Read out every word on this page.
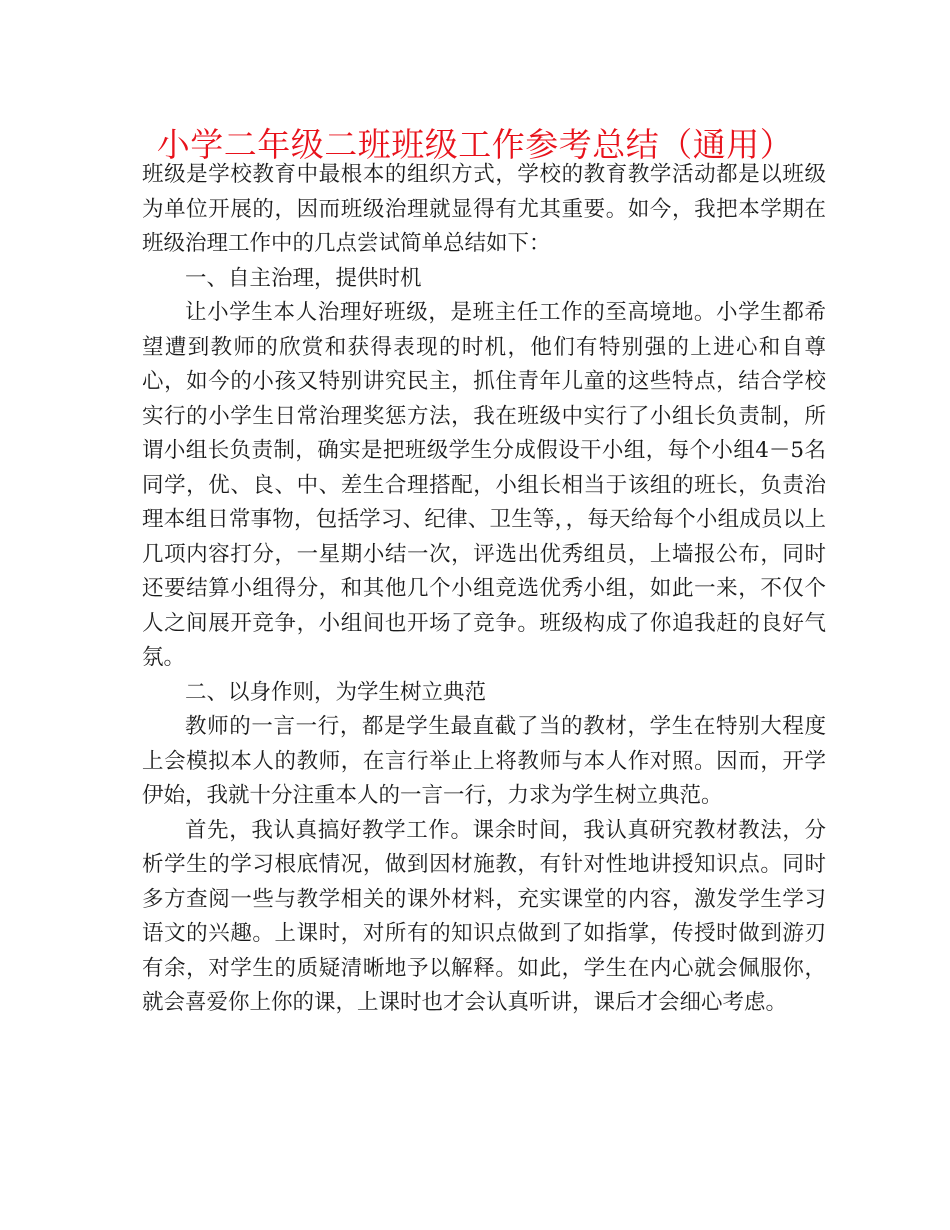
小学二年级二班班级工作参考总结（通用）

班级是学校教育中最根本的组织方式，学校的教育教学活动都是以班级为单位开展的，因而班级治理就显得有尤其重要。如今，我把本学期在班级治理工作中的几点尝试简单总结如下：

一、自主治理，提供时机

让小学生本人治理好班级，是班主任工作的至高境地。小学生都希望遭到教师的欣赏和获得表现的时机，他们有特别强的上进心和自尊心，如今的小孩又特别讲究民主，抓住青年儿童的这些特点，结合学校实行的小学生日常治理奖惩方法，我在班级中实行了小组长负责制，所谓小组长负责制，确实是把班级学生分成假设干小组，每个小组4－5名同学，优、良、中、差生合理搭配，小组长相当于该组的班长，负责治理本组日常事物，包括学习、纪律、卫生等，，每天给每个小组成员以上几项内容打分，一星期小结一次，评选出优秀组员，上墙报公布，同时还要结算小组得分，和其他几个小组竞选优秀小组，如此一来，不仅个人之间展开竞争，小组间也开场了竞争。班级构成了你追我赶的良好气氛。

二、以身作则，为学生树立典范

教师的一言一行，都是学生最直截了当的教材，学生在特别大程度上会模拟本人的教师，在言行举止上将教师与本人作对照。因而，开学伊始，我就十分注重本人的一言一行，力求为学生树立典范。

首先，我认真搞好教学工作。课余时间，我认真研究教材教法，分析学生的学习根底情况，做到因材施教，有针对性地讲授知识点。同时多方查阅一些与教学相关的课外材料，充实课堂的内容，激发学生学习语文的兴趣。上课时，对所有的知识点做到了如指掌，传授时做到游刃有余，对学生的质疑清晰地予以解释。如此，学生在内心就会佩服你，就会喜爱你上你的课，上课时也才会认真听讲，课后才会细心考虑。
